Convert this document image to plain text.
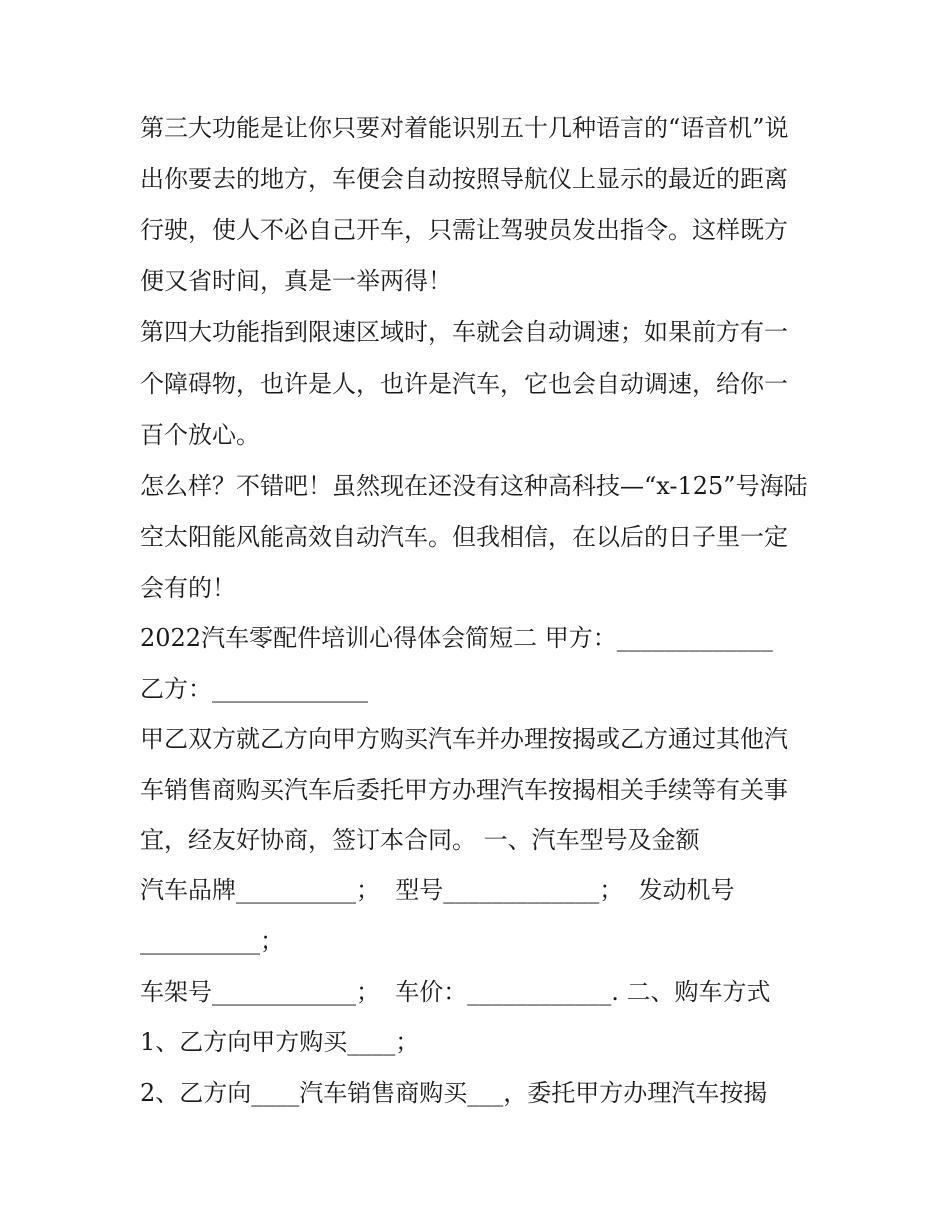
第三大功能是让你只要对着能识别五十几种语言的“语音机”说
出你要去的地方，车便会自动按照导航仪上显示的最近的距离
行驶，使人不必自己开车，只需让驾驶员发出指令。这样既方
便又省时间，真是一举两得！
第四大功能指到限速区域时，车就会自动调速；如果前方有一
个障碍物，也许是人，也许是汽车，它也会自动调速，给你一
百个放心。
怎么样？不错吧！虽然现在还没有这种高科技—“x-125”号海陆
空太阳能风能高效自动汽车。但我相信，在以后的日子里一定
会有的！
2022汽车零配件培训心得体会简短二 甲方：_____________
乙方：_____________
甲乙双方就乙方向甲方购买汽车并办理按揭或乙方通过其他汽
车销售商购买汽车后委托甲方办理汽车按揭相关手续等有关事
宜，经友好协商，签订本合同。 一、汽车型号及金额
汽车品牌__________；  型号_____________；  发动机号
__________；
车架号____________；  车价：____________. 二、购车方式
1、乙方向甲方购买____；
2、乙方向____汽车销售商购买___，委托甲方办理汽车按揭
